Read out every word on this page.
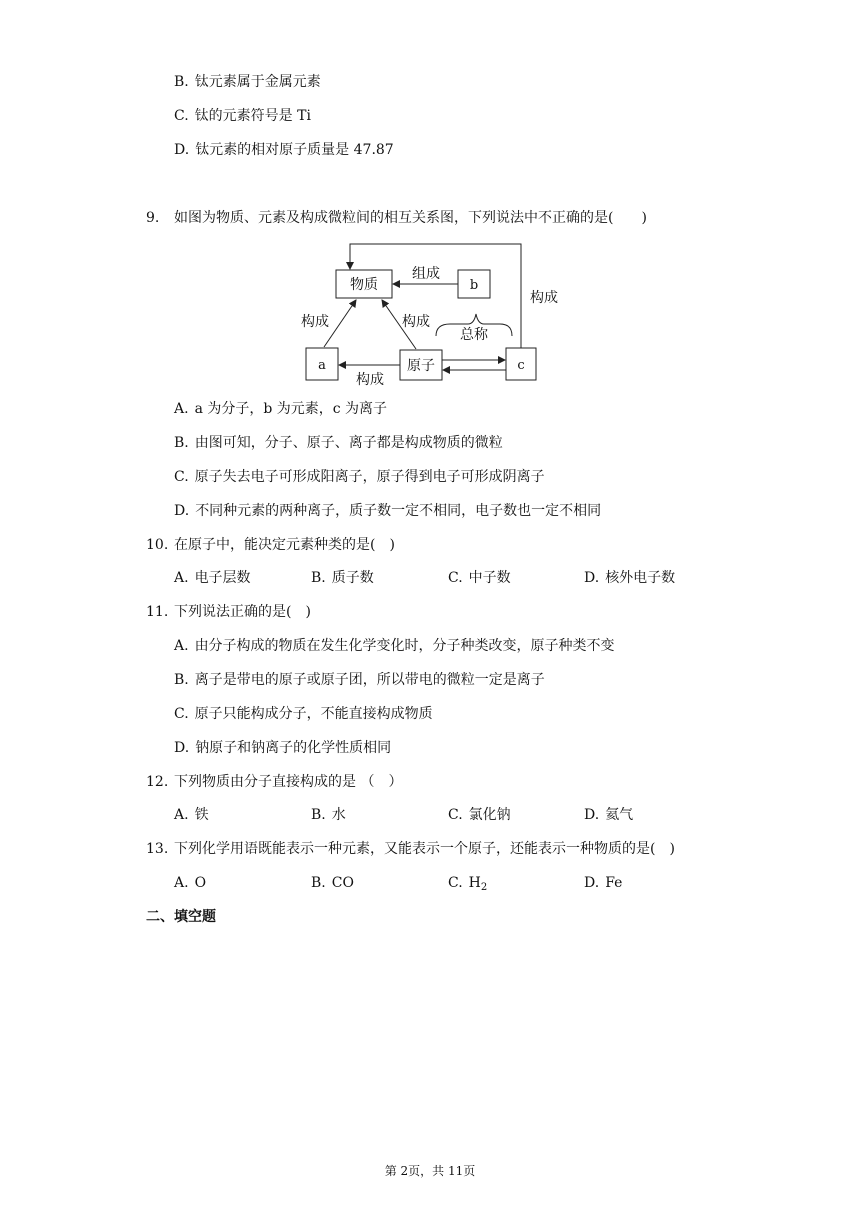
B. 钛元素属于金属元素
C. 钛的元素符号是 Ti
D. 钛元素的相对原子质量是 47.87
9. 如图为物质、元素及构成微粒间的相互关系图，下列说法中不正确的是(　　)
物质	b
a	原子	c
组成
构成
构成	构成
总称
构成
A. a 为分子，b 为元素，c 为离子
B. 由图可知，分子、原子、离子都是构成物质的微粒
C. 原子失去电子可形成阳离子，原子得到电子可形成阴离子
D. 不同种元素的两种离子，质子数一定不相同，电子数也一定不相同
10. 在原子中，能决定元素种类的是(　)
A. 电子层数	B. 质子数	C. 中子数	D. 核外电子数
11. 下列说法正确的是(　)
A. 由分子构成的物质在发生化学变化时，分子种类改变，原子种类不变
B. 离子是带电的原子或原子团，所以带电的微粒一定是离子
C. 原子只能构成分子，不能直接构成物质
D. 钠原子和钠离子的化学性质相同
12. 下列物质由分子直接构成的是 （　）
A. 铁	B. 水	C. 氯化钠	D. 氦气
13. 下列化学用语既能表示一种元素，又能表示一个原子，还能表示一种物质的是(　)
A. O	B. CO	C. $H_2$	D. Fe
二、填空题
第 2页，共 11页
